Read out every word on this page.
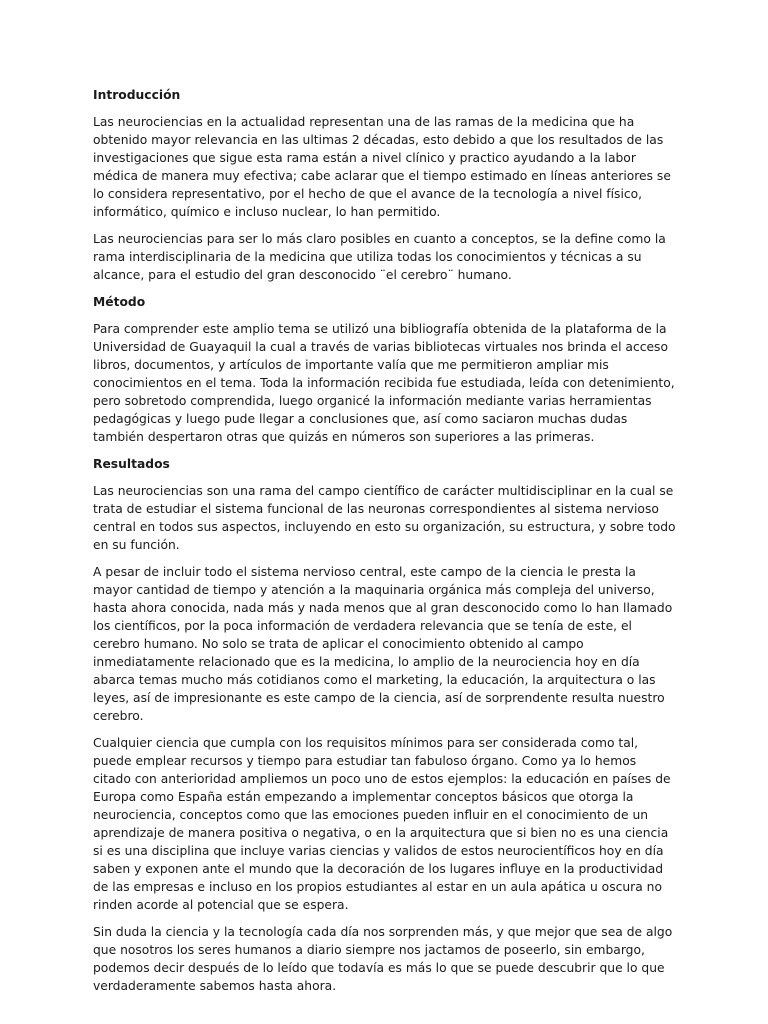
Introducción

Las neurociencias en la actualidad representan una de las ramas de la medicina que ha obtenido mayor relevancia en las ultimas 2 décadas, esto debido a que los resultados de las investigaciones que sigue esta rama están a nivel clínico y practico ayudando a la labor médica de manera muy efectiva; cabe aclarar que el tiempo estimado en líneas anteriores se lo considera representativo, por el hecho de que el avance de la tecnología a nivel físico, informático, químico e incluso nuclear, lo han permitido.

Las neurociencias para ser lo más claro posibles en cuanto a conceptos, se la define como la rama interdisciplinaria de la medicina que utiliza todas los conocimientos y técnicas a su alcance, para el estudio del gran desconocido ¨el cerebro¨ humano.

Método

Para comprender este amplio tema se utilizó una bibliografía obtenida de la plataforma de la Universidad de Guayaquil la cual a través de varias bibliotecas virtuales nos brinda el acceso libros, documentos, y artículos de importante valía que me permitieron ampliar mis conocimientos en el tema. Toda la información recibida fue estudiada, leída con detenimiento, pero sobretodo comprendida, luego organicé la información mediante varias herramientas pedagógicas y luego pude llegar a conclusiones que, así como saciaron muchas dudas también despertaron otras que quizás en números son superiores a las primeras.

Resultados

Las neurociencias son una rama del campo científico de carácter multidisciplinar en la cual se trata de estudiar el sistema funcional de las neuronas correspondientes al sistema nervioso central en todos sus aspectos, incluyendo en esto su organización, su estructura, y sobre todo en su función.

A pesar de incluir todo el sistema nervioso central, este campo de la ciencia le presta la mayor cantidad de tiempo y atención a la maquinaria orgánica más compleja del universo, hasta ahora conocida, nada más y nada menos que al gran desconocido como lo han llamado los científicos, por la poca información de verdadera relevancia que se tenía de este, el cerebro humano. No solo se trata de aplicar el conocimiento obtenido al campo inmediatamente relacionado que es la medicina, lo amplio de la neurociencia hoy en día abarca temas mucho más cotidianos como el marketing, la educación, la arquitectura o las leyes, así de impresionante es este campo de la ciencia, así de sorprendente resulta nuestro cerebro.

Cualquier ciencia que cumpla con los requisitos mínimos para ser considerada como tal, puede emplear recursos y tiempo para estudiar tan fabuloso órgano. Como ya lo hemos citado con anterioridad ampliemos un poco uno de estos ejemplos: la educación en países de Europa como España están empezando a implementar conceptos básicos que otorga la neurociencia, conceptos como que las emociones pueden influir en el conocimiento de un aprendizaje de manera positiva o negativa, o en la arquitectura que si bien no es una ciencia si es una disciplina que incluye varias ciencias y validos de estos neurocientíficos hoy en día saben y exponen ante el mundo que la decoración de los lugares influye en la productividad de las empresas e incluso en los propios estudiantes al estar en un aula apática u oscura no rinden acorde al potencial que se espera.

Sin duda la ciencia y la tecnología cada día nos sorprenden más, y que mejor que sea de algo que nosotros los seres humanos a diario siempre nos jactamos de poseerlo, sin embargo, podemos decir después de lo leído que todavía es más lo que se puede descubrir que lo que verdaderamente sabemos hasta ahora.
